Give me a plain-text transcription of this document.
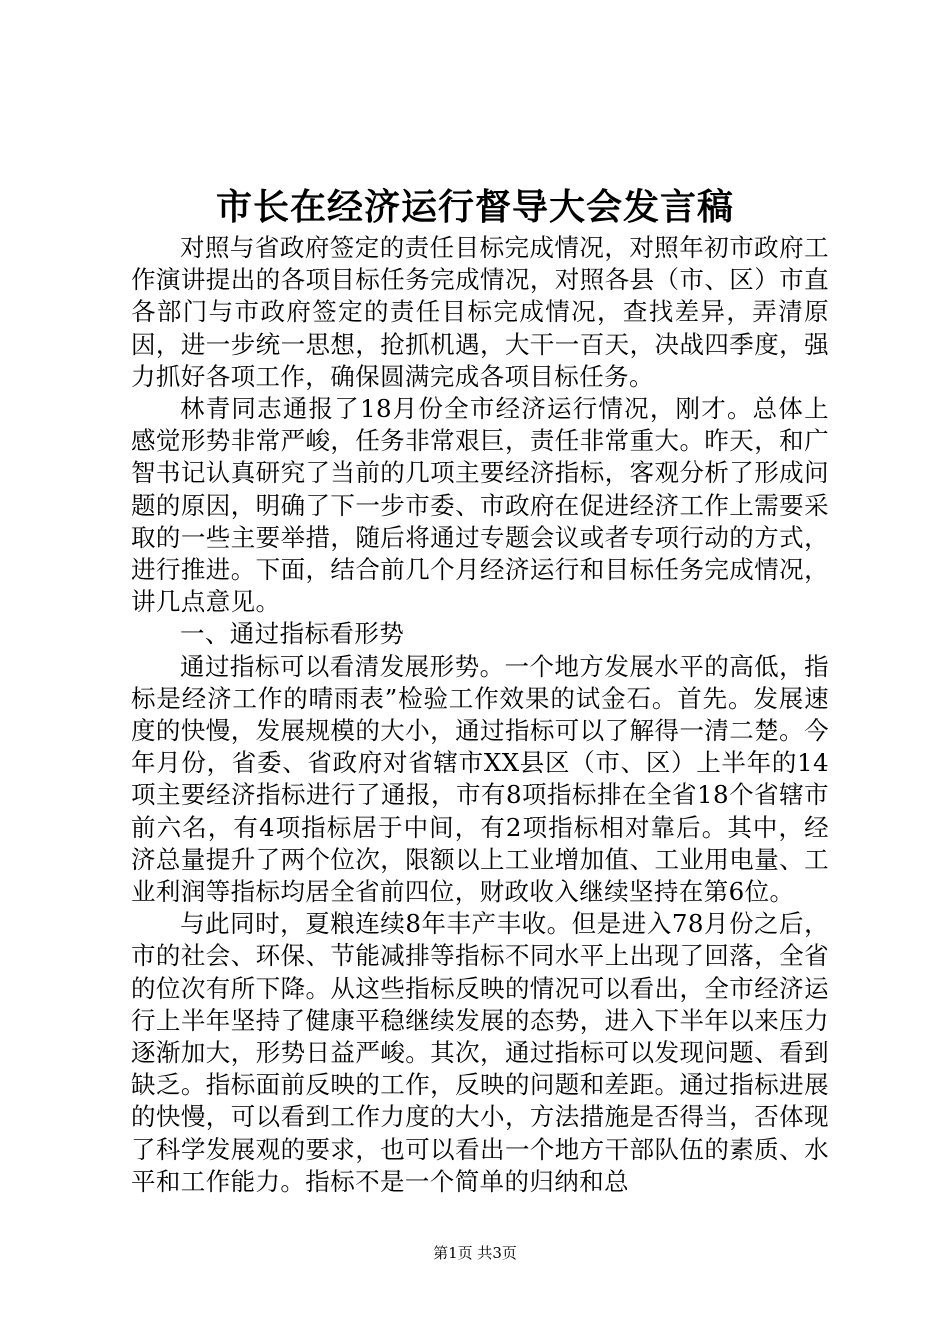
市长在经济运行督导大会发言稿

对照与省政府签定的责任目标完成情况，对照年初市政府工作演讲提出的各项目标任务完成情况，对照各县（市、区）市直各部门与市政府签定的责任目标完成情况，查找差异，弄清原因，进一步统一思想，抢抓机遇，大干一百天，决战四季度，强力抓好各项工作，确保圆满完成各项目标任务。

林青同志通报了18月份全市经济运行情况，刚才。总体上感觉形势非常严峻，任务非常艰巨，责任非常重大。昨天，和广智书记认真研究了当前的几项主要经济指标，客观分析了形成问题的原因，明确了下一步市委、市政府在促进经济工作上需要采取的一些主要举措，随后将通过专题会议或者专项行动的方式，进行推进。下面，结合前几个月经济运行和目标任务完成情况，讲几点意见。

一、通过指标看形势

通过指标可以看清发展形势。一个地方发展水平的高低，指标是经济工作的晴雨表”检验工作效果的试金石。首先。发展速度的快慢，发展规模的大小，通过指标可以了解得一清二楚。今年月份，省委、省政府对省辖市XX县区（市、区）上半年的14项主要经济指标进行了通报，市有8项指标排在全省18个省辖市前六名，有4项指标居于中间，有2项指标相对靠后。其中，经济总量提升了两个位次，限额以上工业增加值、工业用电量、工业利润等指标均居全省前四位，财政收入继续坚持在第6位。

与此同时，夏粮连续8年丰产丰收。但是进入78月份之后，市的社会、环保、节能减排等指标不同水平上出现了回落，全省的位次有所下降。从这些指标反映的情况可以看出，全市经济运行上半年坚持了健康平稳继续发展的态势，进入下半年以来压力逐渐加大，形势日益严峻。其次，通过指标可以发现问题、看到缺乏。指标面前反映的工作，反映的问题和差距。通过指标进展的快慢，可以看到工作力度的大小，方法措施是否得当，否体现了科学发展观的要求，也可以看出一个地方干部队伍的素质、水平和工作能力。指标不是一个简单的归纳和总

第1页 共3页
